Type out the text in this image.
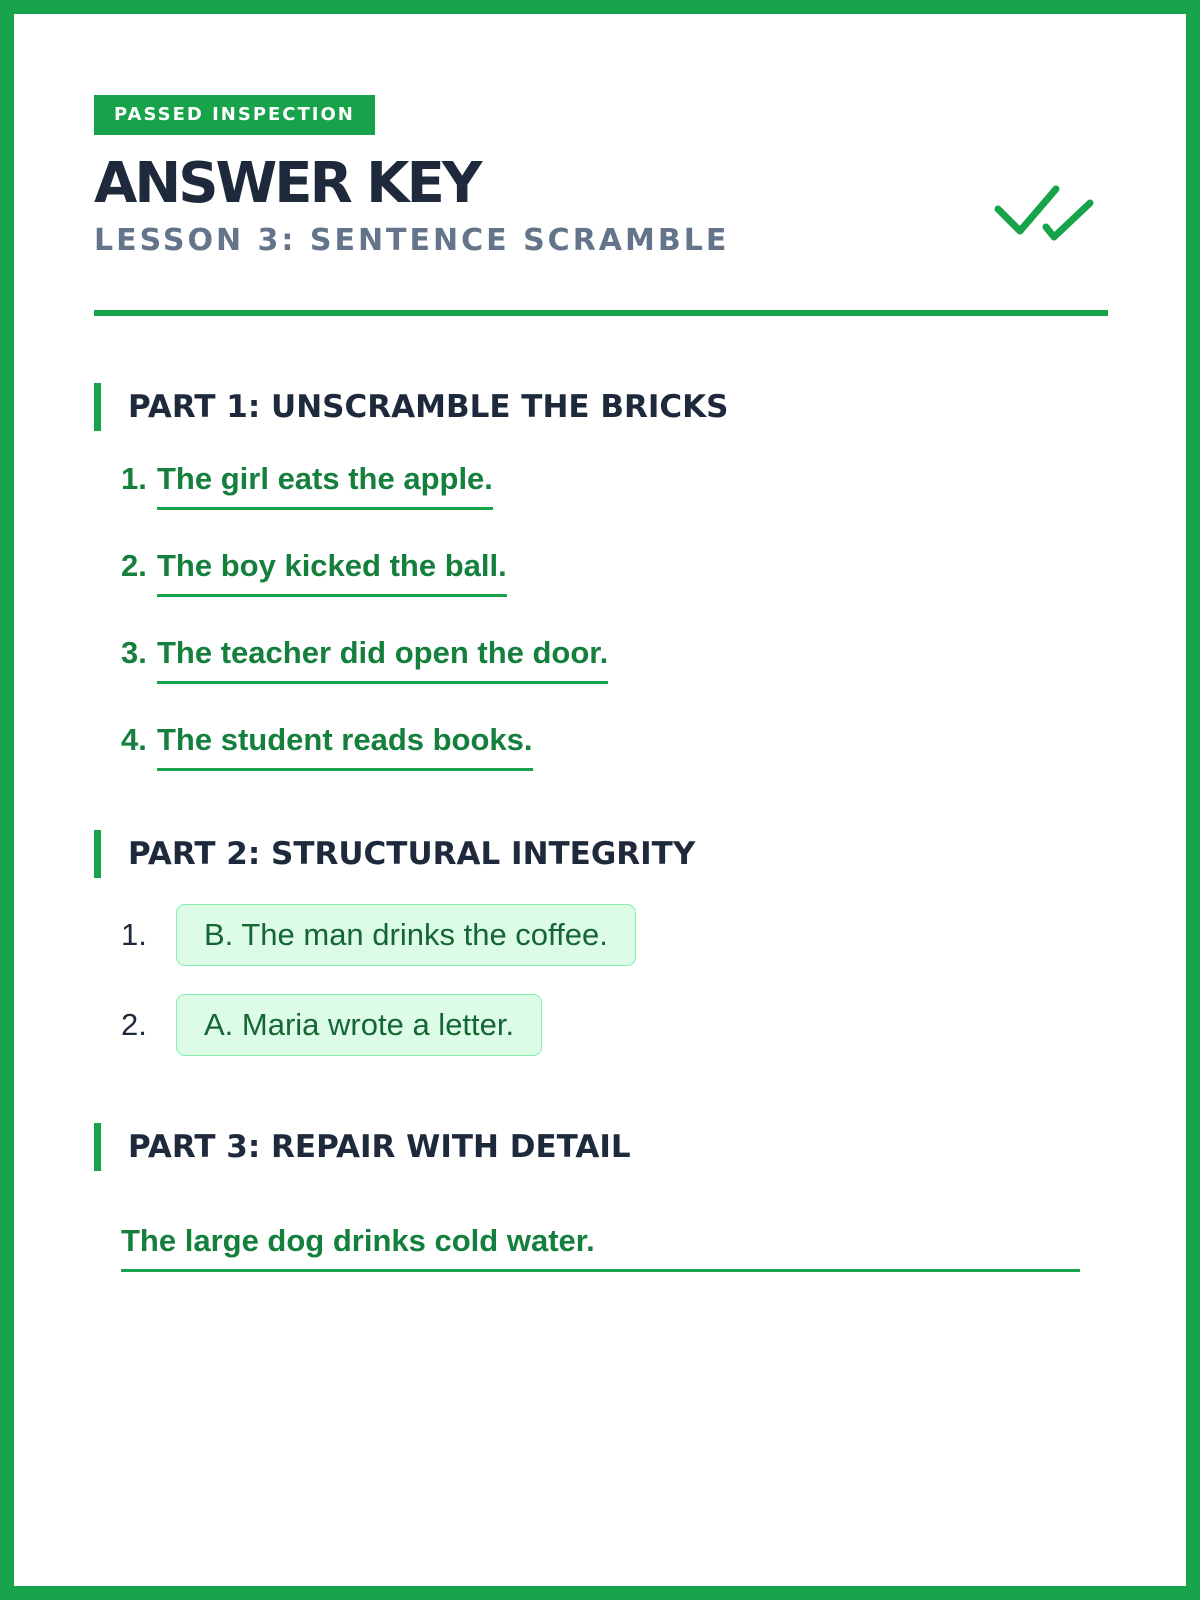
PASSED INSPECTION
ANSWER KEY
LESSON 3: SENTENCE SCRAMBLE
PART 1: UNSCRAMBLE THE BRICKS
1. The girl eats the apple.
2. The boy kicked the ball.
3. The teacher did open the door.
4. The student reads books.
PART 2: STRUCTURAL INTEGRITY
1.	B. The man drinks the coffee.
2.	A. Maria wrote a letter.
PART 3: REPAIR WITH DETAIL
The large dog drinks cold water.
